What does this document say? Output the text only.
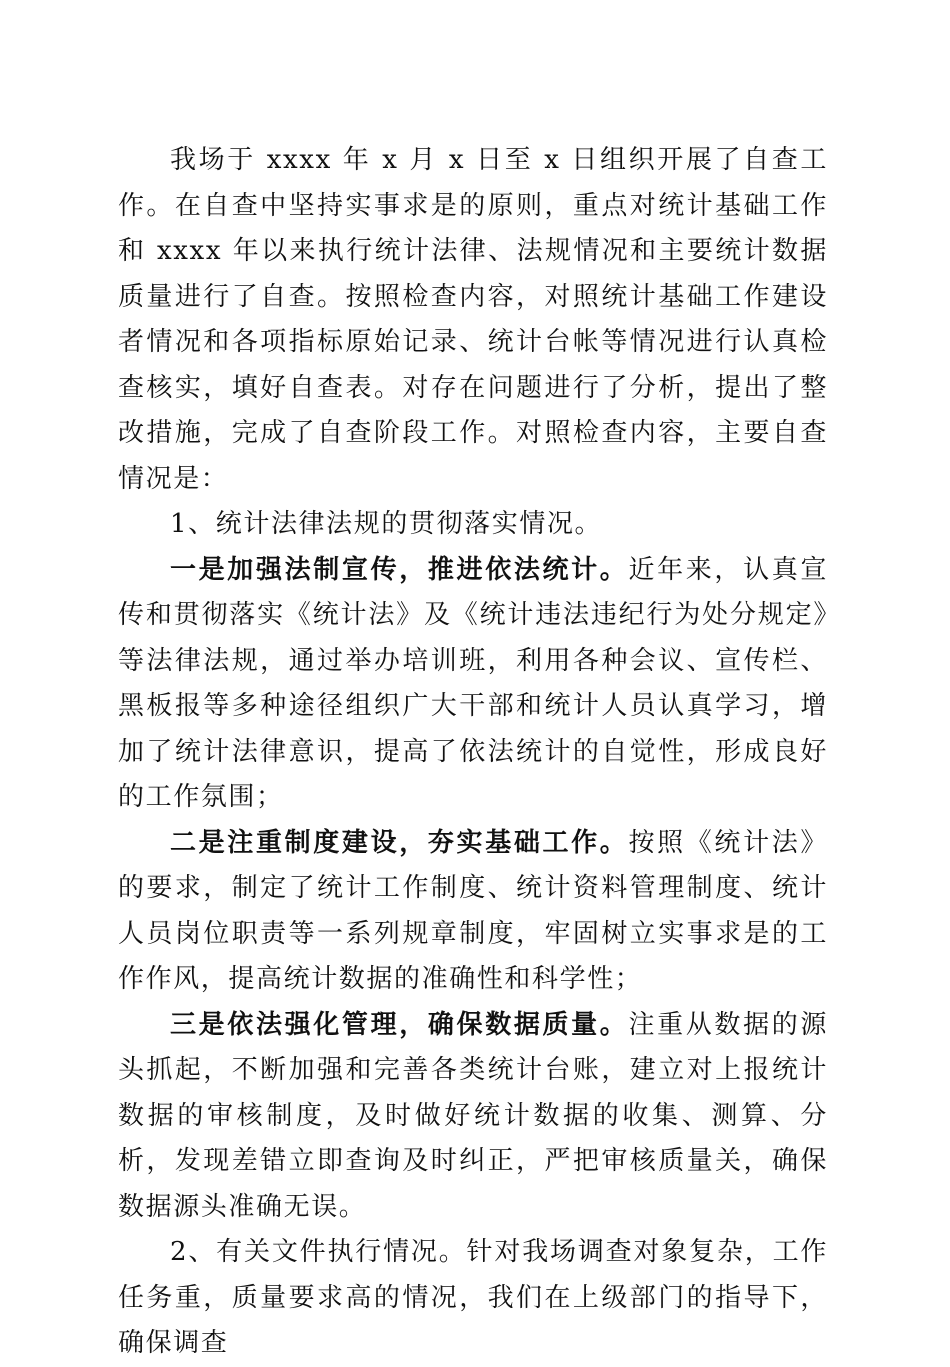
我场于 xxxx 年 x 月 x 日至 x 日组织开展了自查工作。在自查中坚持实事求是的原则，重点对统计基础工作和 xxxx 年以来执行统计法律、法规情况和主要统计数据质量进行了自查。按照检查内容，对照统计基础工作建设者情况和各项指标原始记录、统计台帐等情况进行认真检查核实，填好自查表。对存在问题进行了分析，提出了整改措施，完成了自查阶段工作。对照检查内容，主要自查情况是：

1、统计法律法规的贯彻落实情况。

一是加强法制宣传，推进依法统计。近年来，认真宣传和贯彻落实《统计法》及《统计违法违纪行为处分规定》等法律法规，通过举办培训班，利用各种会议、宣传栏、黑板报等多种途径组织广大干部和统计人员认真学习，增加了统计法律意识，提高了依法统计的自觉性，形成良好的工作氛围；

二是注重制度建设，夯实基础工作。按照《统计法》的要求，制定了统计工作制度、统计资料管理制度、统计人员岗位职责等一系列规章制度，牢固树立实事求是的工作作风，提高统计数据的准确性和科学性；

三是依法强化管理，确保数据质量。注重从数据的源头抓起，不断加强和完善各类统计台账，建立对上报统计数据的审核制度，及时做好统计数据的收集、测算、分析，发现差错立即查询及时纠正，严把审核质量关，确保数据源头准确无误。

2、有关文件执行情况。针对我场调查对象复杂，工作任务重，质量要求高的情况，我们在上级部门的指导下，确保调查
